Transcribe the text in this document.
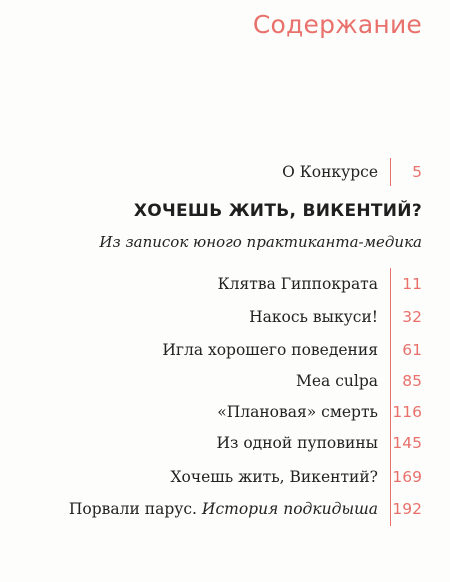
Содержание
О Конкурсе 5
ХОЧЕШЬ ЖИТЬ, ВИКЕНТИЙ?
Из записок юного практиканта-медика
Клятва Гиппократа 11
Накось выкуси! 32
Игла хорошего поведения 61
Mea culpa 85
«Плановая» смерть 116
Из одной пуповины 145
Хочешь жить, Викентий? 169
Порвали парус. История подкидыша 192
